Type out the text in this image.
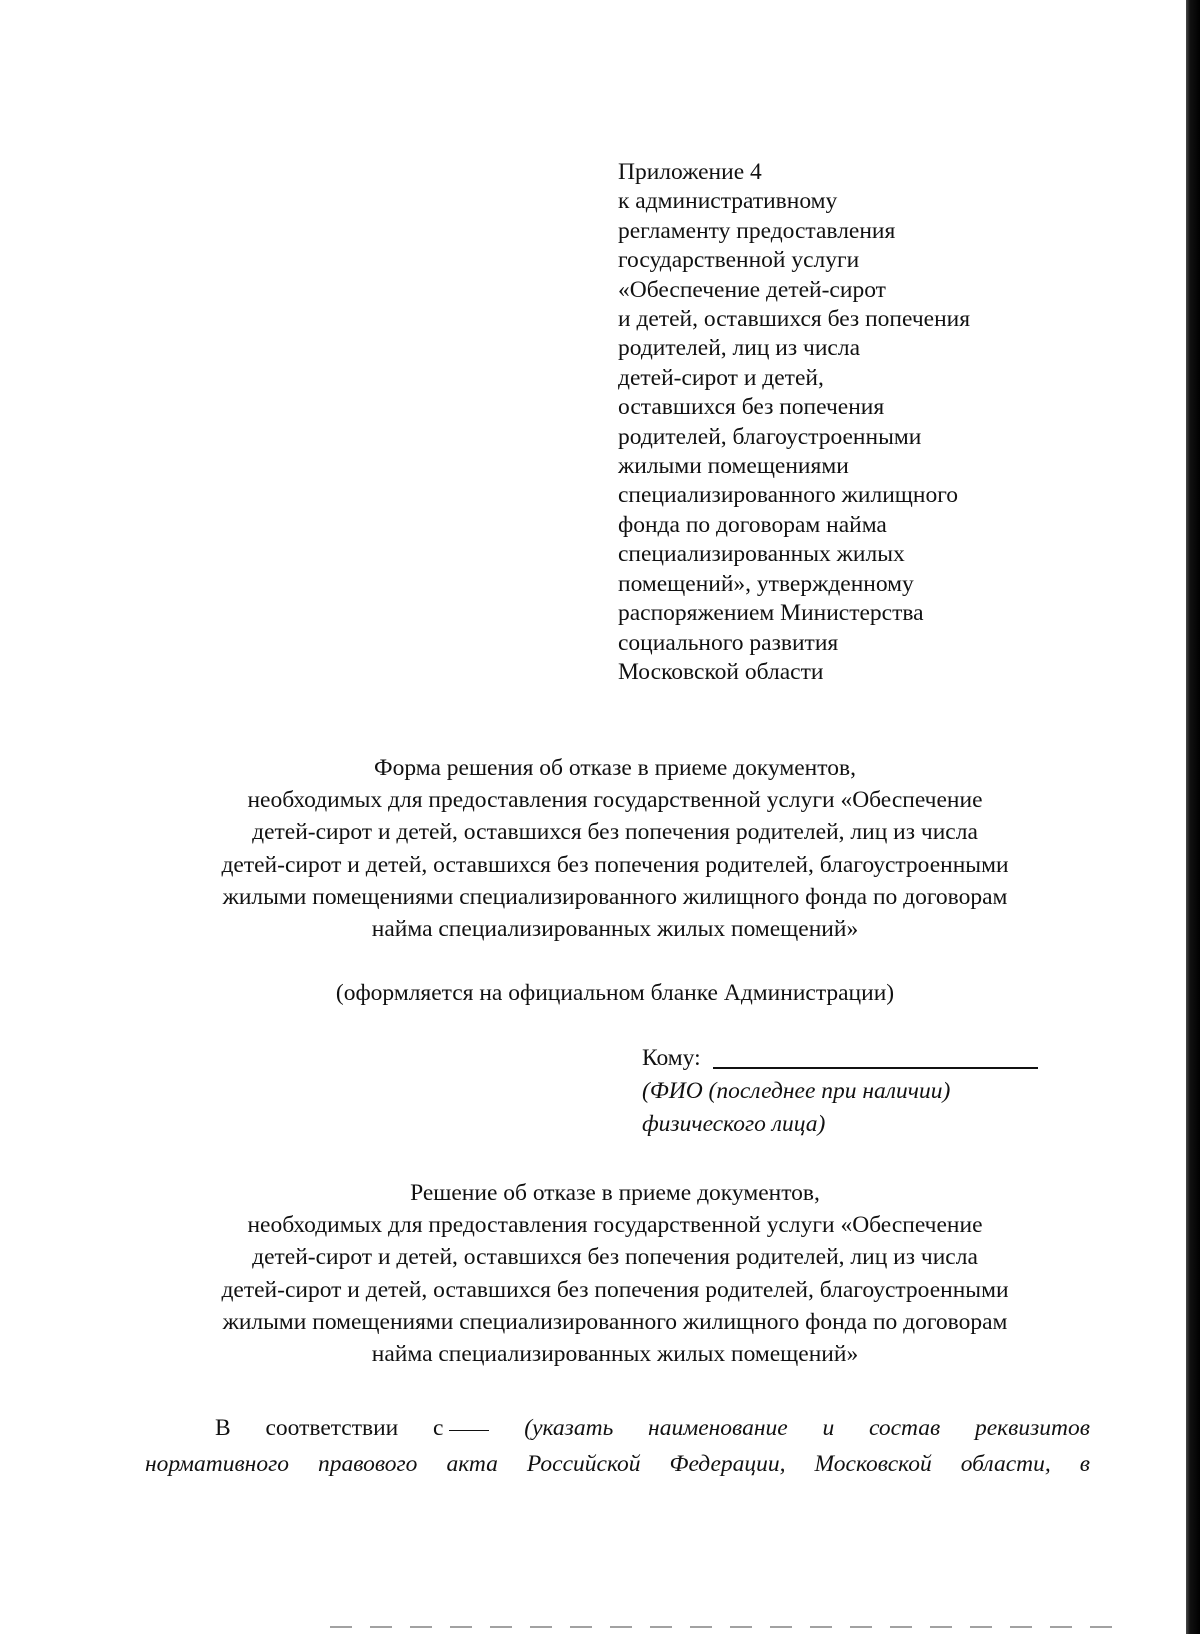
Приложение 4
к административному
регламенту предоставления
государственной услуги
«Обеспечение детей-сирот
и детей, оставшихся без попечения
родителей, лиц из числа
детей-сирот и детей,
оставшихся без попечения
родителей, благоустроенными
жилыми помещениями
специализированного жилищного
фонда по договорам найма
специализированных жилых
помещений», утвержденному
распоряжением Министерства
социального развития
Московской области
Форма решения об отказе в приеме документов,
необходимых для предоставления государственной услуги «Обеспечение
детей-сирот и детей, оставшихся без попечения родителей, лиц из числа
детей-сирот и детей, оставшихся без попечения родителей, благоустроенными
жилыми помещениями специализированного жилищного фонда по договорам
найма специализированных жилых помещений»
(оформляется на официальном бланке Администрации)
Кому:
(ФИО (последнее при наличии)
физического лица)
Решение об отказе в приеме документов,
необходимых для предоставления государственной услуги «Обеспечение
детей-сирот и детей, оставшихся без попечения родителей, лиц из числа
детей-сирот и детей, оставшихся без попечения родителей, благоустроенными
жилыми помещениями специализированного жилищного фонда по договорам
найма специализированных жилых помещений»
В соответствии с	(указать наименование и состав реквизитов
нормативного правового акта Российской Федерации, Московской области, в
